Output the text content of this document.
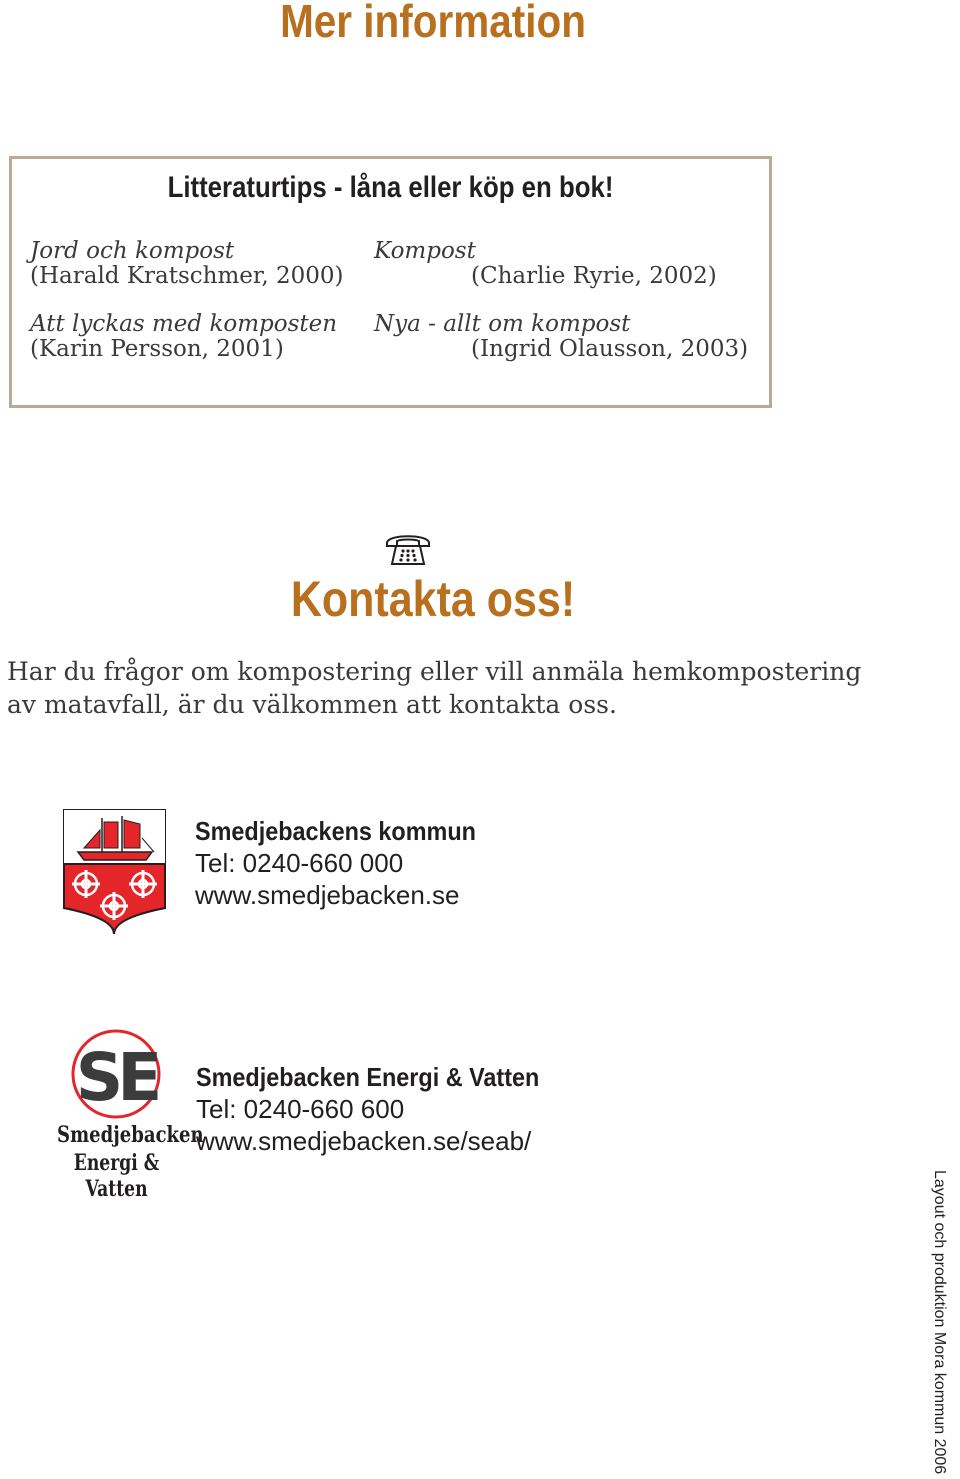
Mer information
Litteraturtips - låna eller köp en bok!
Jord och kompost
(Harald Kratschmer, 2000)
Kompost
(Charlie Ryrie, 2002)
Att lyckas med komposten
(Karin Persson, 2001)
Nya - allt om kompost
(Ingrid Olausson, 2003)
Kontakta oss!
Har du frågor om kompostering eller vill anmäla hemkompostering av matavfall, är du välkommen att kontakta oss.
Smedjebackens kommun
Tel: 0240-660 000
www.smedjebacken.se
SE
Smedjebacken
Energi & Vatten
Smedjebacken Energi & Vatten
Tel: 0240-660 600
www.smedjebacken.se/seab/
Layout och produktion Mora kommun 2006
